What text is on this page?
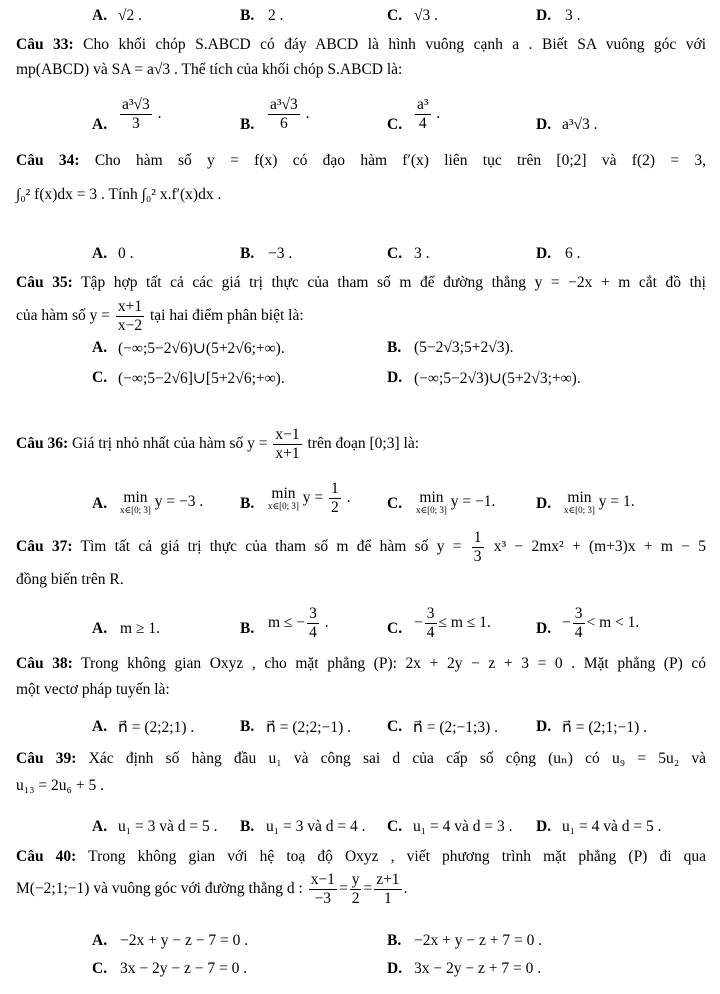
A. √2 .	B. 2 .	C. √3 .	D. 3 .
Câu 33: Cho khối chóp S.ABCD có đáy ABCD là hình vuông cạnh a . Biết SA vuông góc với
mp(ABCD) và SA = a√3 . Thể tích của khối chóp S.ABCD là:
A. $\frac{\text{a³√3}}{3}$ .
B. $\frac{\text{a³√3}}{6}$ .
C. $\frac{\text{a³}}{4}$ .
D. a³√3 .
Câu 34: Cho hàm số y = f(x) có đạo hàm f′(x) liên tục trên [0;2] và f(2) = 3,
∫₀² f(x)dx = 3 . Tính ∫₀² x.f′(x)dx .
A. 0 .	B. −3 .	C. 3 .	D. 6 .
Câu 35: Tập hợp tất cả các giá trị thực của tham số m để đường thẳng y = −2x + m cắt đồ thị
của hàm số $y = \frac{x+1}{x-2}$ tại hai điểm phân biệt là:
A. (−∞;5−2√6)∪(5+2√6;+∞).	B. (5−2√3;5+2√3).
C. (−∞;5−2√6]∪[5+2√6;+∞).	D. (−∞;5−2√3)∪(5+2√3;+∞).
Câu 36: Giá trị nhỏ nhất của hàm số $y = \frac{x-1}{x+1}$ trên đoạn [0;3] là:
A. min
x∈[0; 3] y = −3 . B.
min
x∈[0; 3] $y = \frac{1}{2}$ . C. min
x∈[0; 3] y = −1.	D. min
x∈[0; 3] y = 1.
Câu 37: Tìm tất cả giá trị thực của tham số m để hàm số $y = \frac{1}{3} x^3 - 2mx^2 + (m+3)x + m - 5$
đồng biến trên R.
A. m ≥ 1.	B. m ≤ − $\frac{3}{4}$ .	C. − $\frac{3}{4} \le m \le 1$.	D. − $\frac{3}{4} < m < 1$.
Câu 38: Trong không gian Oxyz , cho mặt phẳng (P): 2x + 2y − z + 3 = 0 . Mặt phẳng (P) có
một vectơ pháp tuyến là:
A. n⃗ = (2;2;1) .	B. n⃗ = (2;2;−1) . C. n⃗ = (2;−1;3) . D. n⃗ = (2;1;−1) .
Câu 39: Xác định số hàng đầu u₁ và công sai d của cấp số cộng (uₙ) có u₉ = 5u₂ và
u₁₃ = 2u₆ + 5 .
A. u₁ = 3 và d = 5 . B. u₁ = 3 và d = 4 . C. u₁ = 4 và d = 3 . D. u₁ = 4 và d = 5 .
Câu 40: Trong không gian với hệ toạ độ Oxyz , viết phương trình mặt phẳng (P) đi qua
M(−2;1;−1) và vuông góc với đường thẳng d : $\frac{x-1}{-3} = \frac{y}{2} = \frac{z+1}{1}$ .
A. −2x + y − z − 7 = 0 .	B. −2x + y − z + 7 = 0 .
C. 3x − 2y − z − 7 = 0 .	D. 3x − 2y − z + 7 = 0 .
